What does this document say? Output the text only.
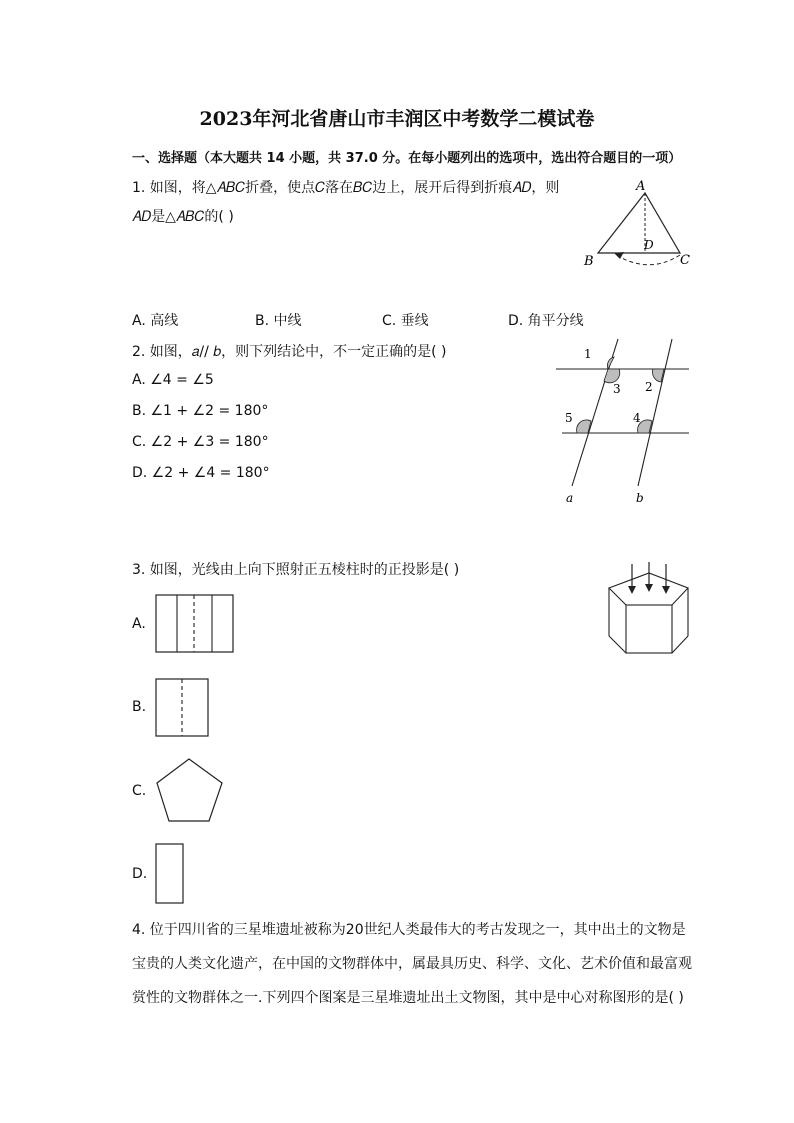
2023年河北省唐山市丰润区中考数学二模试卷
一、选择题（本大题共 14 小题，共 37.0 分。在每小题列出的选项中，选出符合题目的一项）
1. 如图，将△𝐴𝐵𝐶折叠，使点𝐶落在𝐵𝐶边上，展开后得到折痕𝐴𝐷，则
𝐴𝐷是△𝐴𝐵𝐶的( )
A
B	C
D
A. 高线	B. 中线	C. 垂线	D. 角平分线
2. 如图，𝑎// 𝑏，则下列结论中，不一定正确的是( )
A. ∠4 = ∠5
B. ∠1 + ∠2 = 180°
C. ∠2 + ∠3 = 180°
D. ∠2 + ∠4 = 180°
1
3 2
5	4
a	b
3. 如图，光线由上向下照射正五棱柱时的正投影是( )
A.
B.
C.
D.
4. 位于四川省的三星堆遗址被称为20世纪人类最伟大的考古发现之一，其中出土的文物是
宝贵的人类文化遗产，在中国的文物群体中，属最具历史、科学、文化、艺术价值和最富观
赏性的文物群体之一.下列四个图案是三星堆遗址出土文物图，其中是中心对称图形的是( )
